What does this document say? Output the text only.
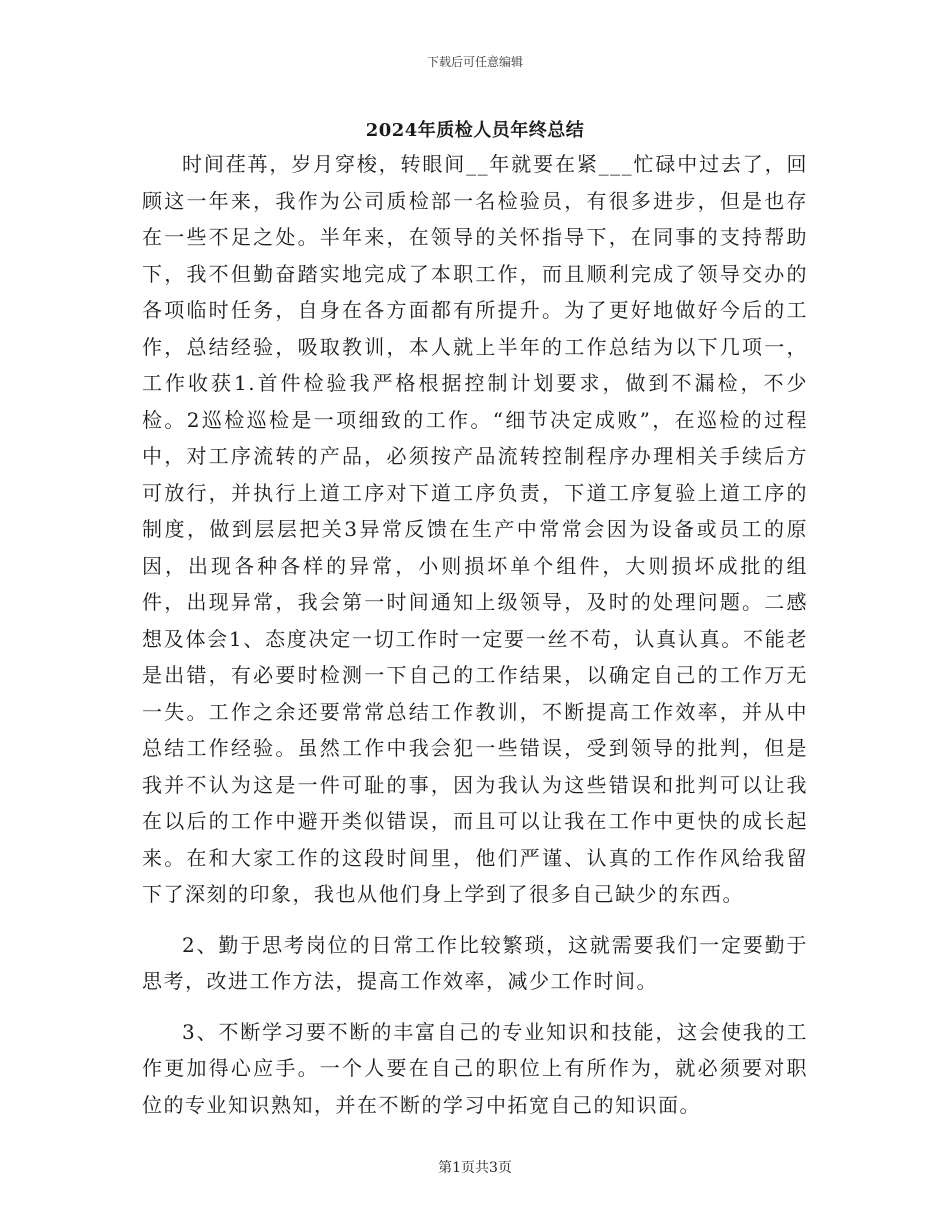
下载后可任意编辑
2024年质检人员年终总结

时间荏苒，岁月穿梭，转眼间__年就要在紧___忙碌中过去了，回顾这一年来，我作为公司质检部一名检验员，有很多进步，但是也存在一些不足之处。半年来，在领导的关怀指导下，在同事的支持帮助下，我不但勤奋踏实地完成了本职工作，而且顺利完成了领导交办的各项临时任务，自身在各方面都有所提升。为了更好地做好今后的工作，总结经验，吸取教训，本人就上半年的工作总结为以下几项一，工作收获1.首件检验我严格根据控制计划要求，做到不漏检，不少检。2巡检巡检是一项细致的工作。“细节决定成败”，在巡检的过程中，对工序流转的产品，必须按产品流转控制程序办理相关手续后方可放行，并执行上道工序对下道工序负责，下道工序复验上道工序的制度，做到层层把关3异常反馈在生产中常常会因为设备或员工的原因，出现各种各样的异常，小则损坏单个组件，大则损坏成批的组件，出现异常，我会第一时间通知上级领导，及时的处理问题。二感想及体会1、态度决定一切工作时一定要一丝不苟，认真认真。不能老是出错，有必要时检测一下自己的工作结果，以确定自己的工作万无一失。工作之余还要常常总结工作教训，不断提高工作效率，并从中总结工作经验。虽然工作中我会犯一些错误，受到领导的批判，但是我并不认为这是一件可耻的事，因为我认为这些错误和批判可以让我在以后的工作中避开类似错误，而且可以让我在工作中更快的成长起来。在和大家工作的这段时间里，他们严谨、认真的工作作风给我留下了深刻的印象，我也从他们身上学到了很多自己缺少的东西。

2、勤于思考岗位的日常工作比较繁琐，这就需要我们一定要勤于思考，改进工作方法，提高工作效率，减少工作时间。

3、不断学习要不断的丰富自己的专业知识和技能，这会使我的工作更加得心应手。一个人要在自己的职位上有所作为，就必须要对职位的专业知识熟知，并在不断的学习中拓宽自己的知识面。

第1页共3页
